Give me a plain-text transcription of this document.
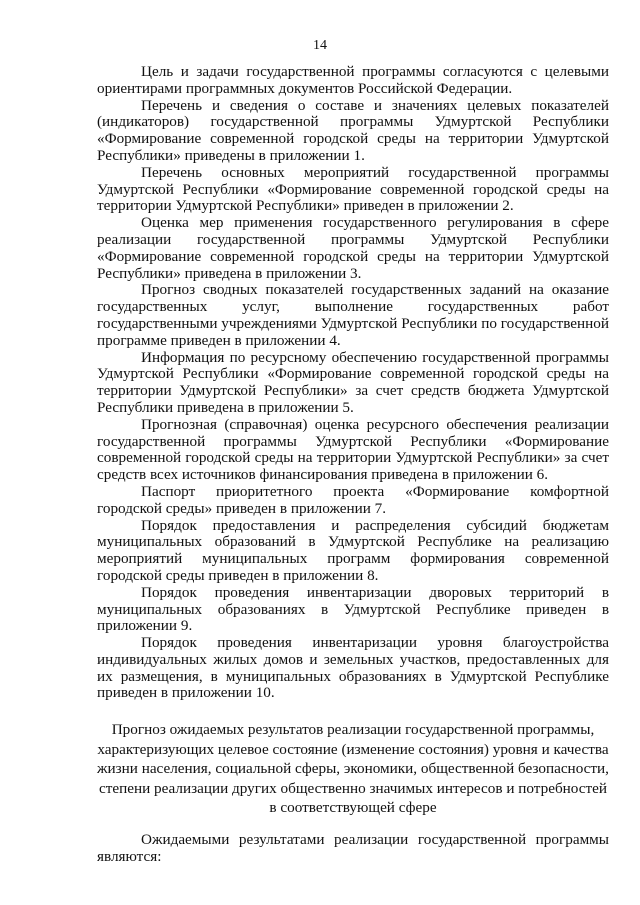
14

Цель и задачи государственной программы согласуются с целевыми ориентирами программных документов Российской Федерации.

Перечень и сведения о составе и значениях целевых показателей (индикаторов) государственной программы Удмуртской Республики «Формирование современной городской среды на территории Удмуртской Республики» приведены в приложении 1.

Перечень основных мероприятий государственной программы Удмуртской Республики «Формирование современной городской среды на территории Удмуртской Республики» приведен в приложении 2.

Оценка мер применения государственного регулирования в сфере реализации государственной программы Удмуртской Республики «Формирование современной городской среды на территории Удмуртской Республики» приведена в приложении 3.

Прогноз сводных показателей государственных заданий на оказание государственных услуг, выполнение государственных работ государственными учреждениями Удмуртской Республики по государственной программе приведен в приложении 4.

Информация по ресурсному обеспечению государственной программы Удмуртской Республики «Формирование современной городской среды на территории Удмуртской Республики» за счет средств бюджета Удмуртской Республики приведена в приложении 5.

Прогнозная (справочная) оценка ресурсного обеспечения реализации государственной программы Удмуртской Республики «Формирование современной городской среды на территории Удмуртской Республики» за счет средств всех источников финансирования приведена в приложении 6.

Паспорт приоритетного проекта «Формирование комфортной городской среды» приведен в приложении 7.

Порядок предоставления и распределения субсидий бюджетам муниципальных образований в Удмуртской Республике на реализацию мероприятий муниципальных программ формирования современной городской среды приведен в приложении 8.

Порядок проведения инвентаризации дворовых территорий в муниципальных образованиях в Удмуртской Республике приведен в приложении 9.

Порядок проведения инвентаризации уровня благоустройства индивидуальных жилых домов и земельных участков, предоставленных для их размещения, в муниципальных образованиях в Удмуртской Республике приведен в приложении 10.

Прогноз ожидаемых результатов реализации государственной программы, характеризующих целевое состояние (изменение состояния) уровня и качества жизни населения, социальной сферы, экономики, общественной безопасности, степени реализации других общественно значимых интересов и потребностей в соответствующей сфере

Ожидаемыми результатами реализации государственной программы являются:
